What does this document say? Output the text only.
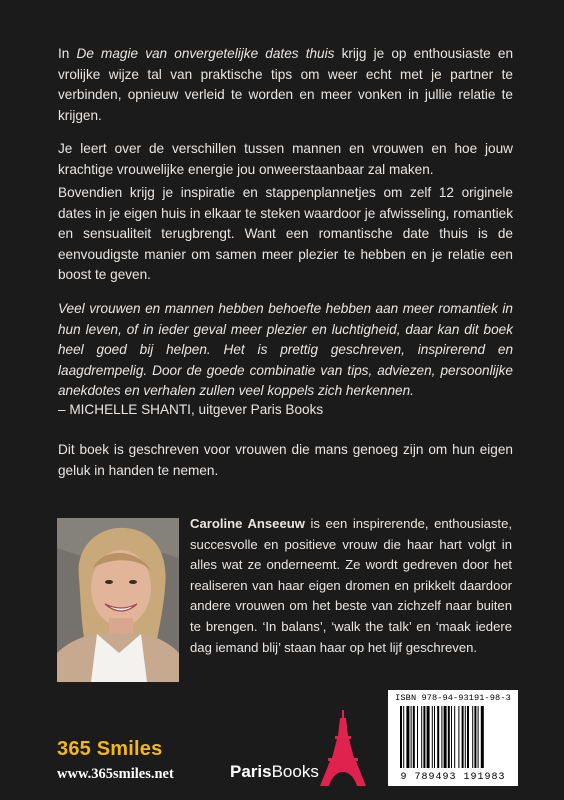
In De magie van onvergetelijke dates thuis krijg je op enthousiaste en vrolijke wijze tal van praktische tips om weer echt met je partner te verbinden, opnieuw verleid te worden en meer vonken in jullie relatie te krijgen.

Je leert over de verschillen tussen mannen en vrouwen en hoe jouw krachtige vrouwelijke energie jou onweerstaanbaar zal maken.

Bovendien krijg je inspiratie en stappenplannetjes om zelf 12 originele dates in je eigen huis in elkaar te steken waardoor je afwisseling, romantiek en sensualiteit terugbrengt. Want een romantische date thuis is de eenvoudigste manier om samen meer plezier te hebben en je relatie een boost te geven.

Veel vrouwen en mannen hebben behoefte hebben aan meer romantiek in hun leven, of in ieder geval meer plezier en luchtigheid, daar kan dit boek heel goed bij helpen. Het is prettig geschreven, inspirerend en laagdrempelig. Door de goede combinatie van tips, adviezen, persoonlijke anekdotes en verhalen zullen veel koppels zich herkennen.

– MICHELLE SHANTI, uitgever Paris Books

Dit boek is geschreven voor vrouwen die mans genoeg zijn om hun eigen geluk in handen te nemen.

Caroline Anseeuw is een inspirerende, enthousiaste, succesvolle en positieve vrouw die haar hart volgt in alles wat ze onderneemt. Ze wordt gedreven door het realiseren van haar eigen dromen en prikkelt daardoor andere vrouwen om het beste van zichzelf naar buiten te brengen. ‘In balans’, ‘walk the talk’ en ‘maak iedere dag iemand blij’ staan haar op het lijf geschreven.
365 Smiles
www.365smiles.net	ParisBooks
ISBN 978-94-93191-98-3
9 789493 191983
